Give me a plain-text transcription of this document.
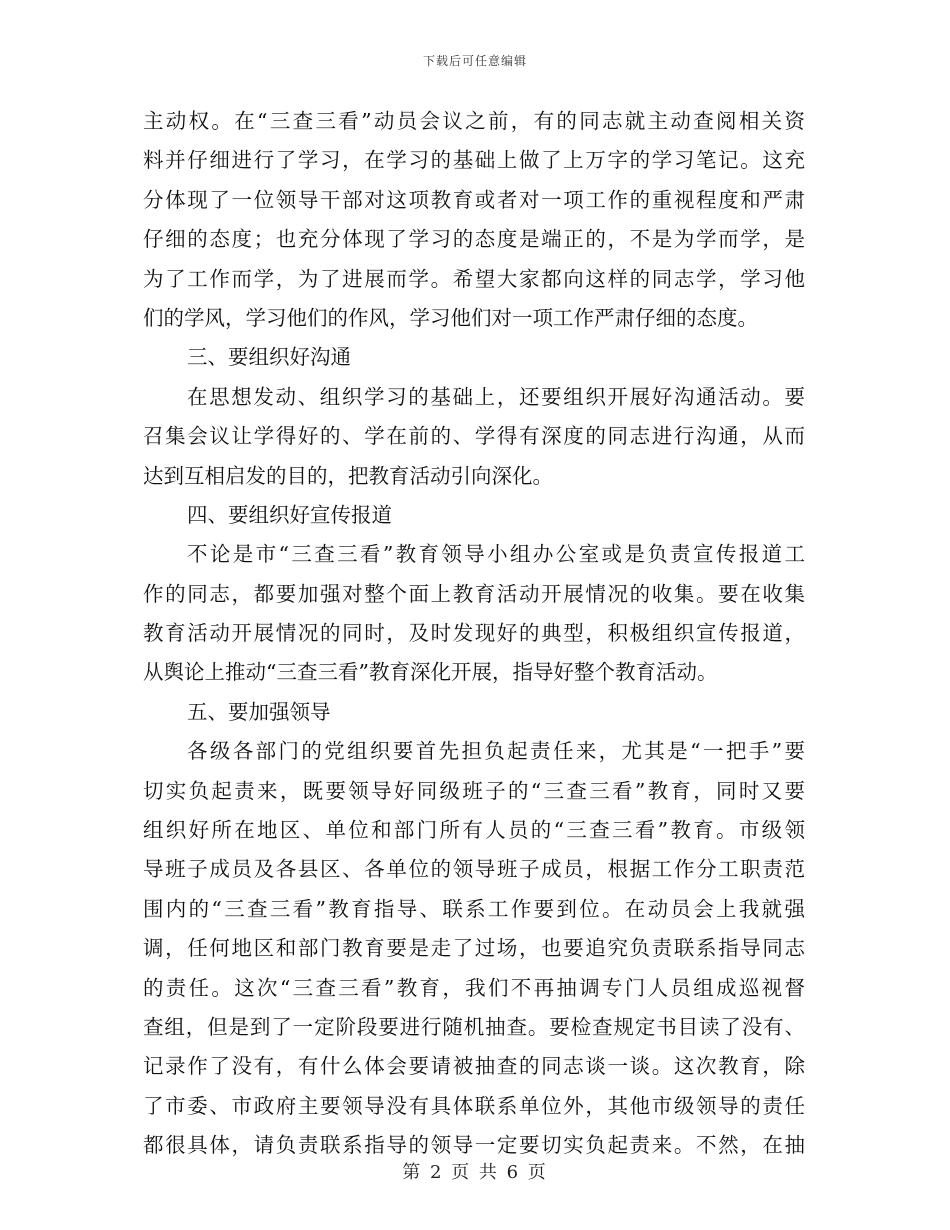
下载后可任意编辑
主动权。在“三查三看”动员会议之前，有的同志就主动查阅相关资
料并仔细进行了学习，在学习的基础上做了上万字的学习笔记。这充
分体现了一位领导干部对这项教育或者对一项工作的重视程度和严肃
仔细的态度；也充分体现了学习的态度是端正的，不是为学而学，是
为了工作而学，为了进展而学。希望大家都向这样的同志学，学习他
们的学风，学习他们的作风，学习他们对一项工作严肃仔细的态度。
三、要组织好沟通
在思想发动、组织学习的基础上，还要组织开展好沟通活动。要
召集会议让学得好的、学在前的、学得有深度的同志进行沟通，从而
达到互相启发的目的，把教育活动引向深化。
四、要组织好宣传报道
不论是市“三查三看”教育领导小组办公室或是负责宣传报道工
作的同志，都要加强对整个面上教育活动开展情况的收集。要在收集
教育活动开展情况的同时，及时发现好的典型，积极组织宣传报道，
从舆论上推动“三查三看”教育深化开展，指导好整个教育活动。
五、要加强领导
各级各部门的党组织要首先担负起责任来，尤其是“一把手”要
切实负起责来，既要领导好同级班子的“三查三看”教育，同时又要
组织好所在地区、单位和部门所有人员的“三查三看”教育。市级领
导班子成员及各县区、各单位的领导班子成员，根据工作分工职责范
围内的“三查三看”教育指导、联系工作要到位。在动员会上我就强
调，任何地区和部门教育要是走了过场，也要追究负责联系指导同志
的责任。这次“三查三看”教育，我们不再抽调专门人员组成巡视督
查组，但是到了一定阶段要进行随机抽查。要检查规定书目读了没有、
记录作了没有，有什么体会要请被抽查的同志谈一谈。这次教育，除
了市委、市政府主要领导没有具体联系单位外，其他市级领导的责任
都很具体，请负责联系指导的领导一定要切实负起责来。不然，在抽
第 2 页 共 6 页
